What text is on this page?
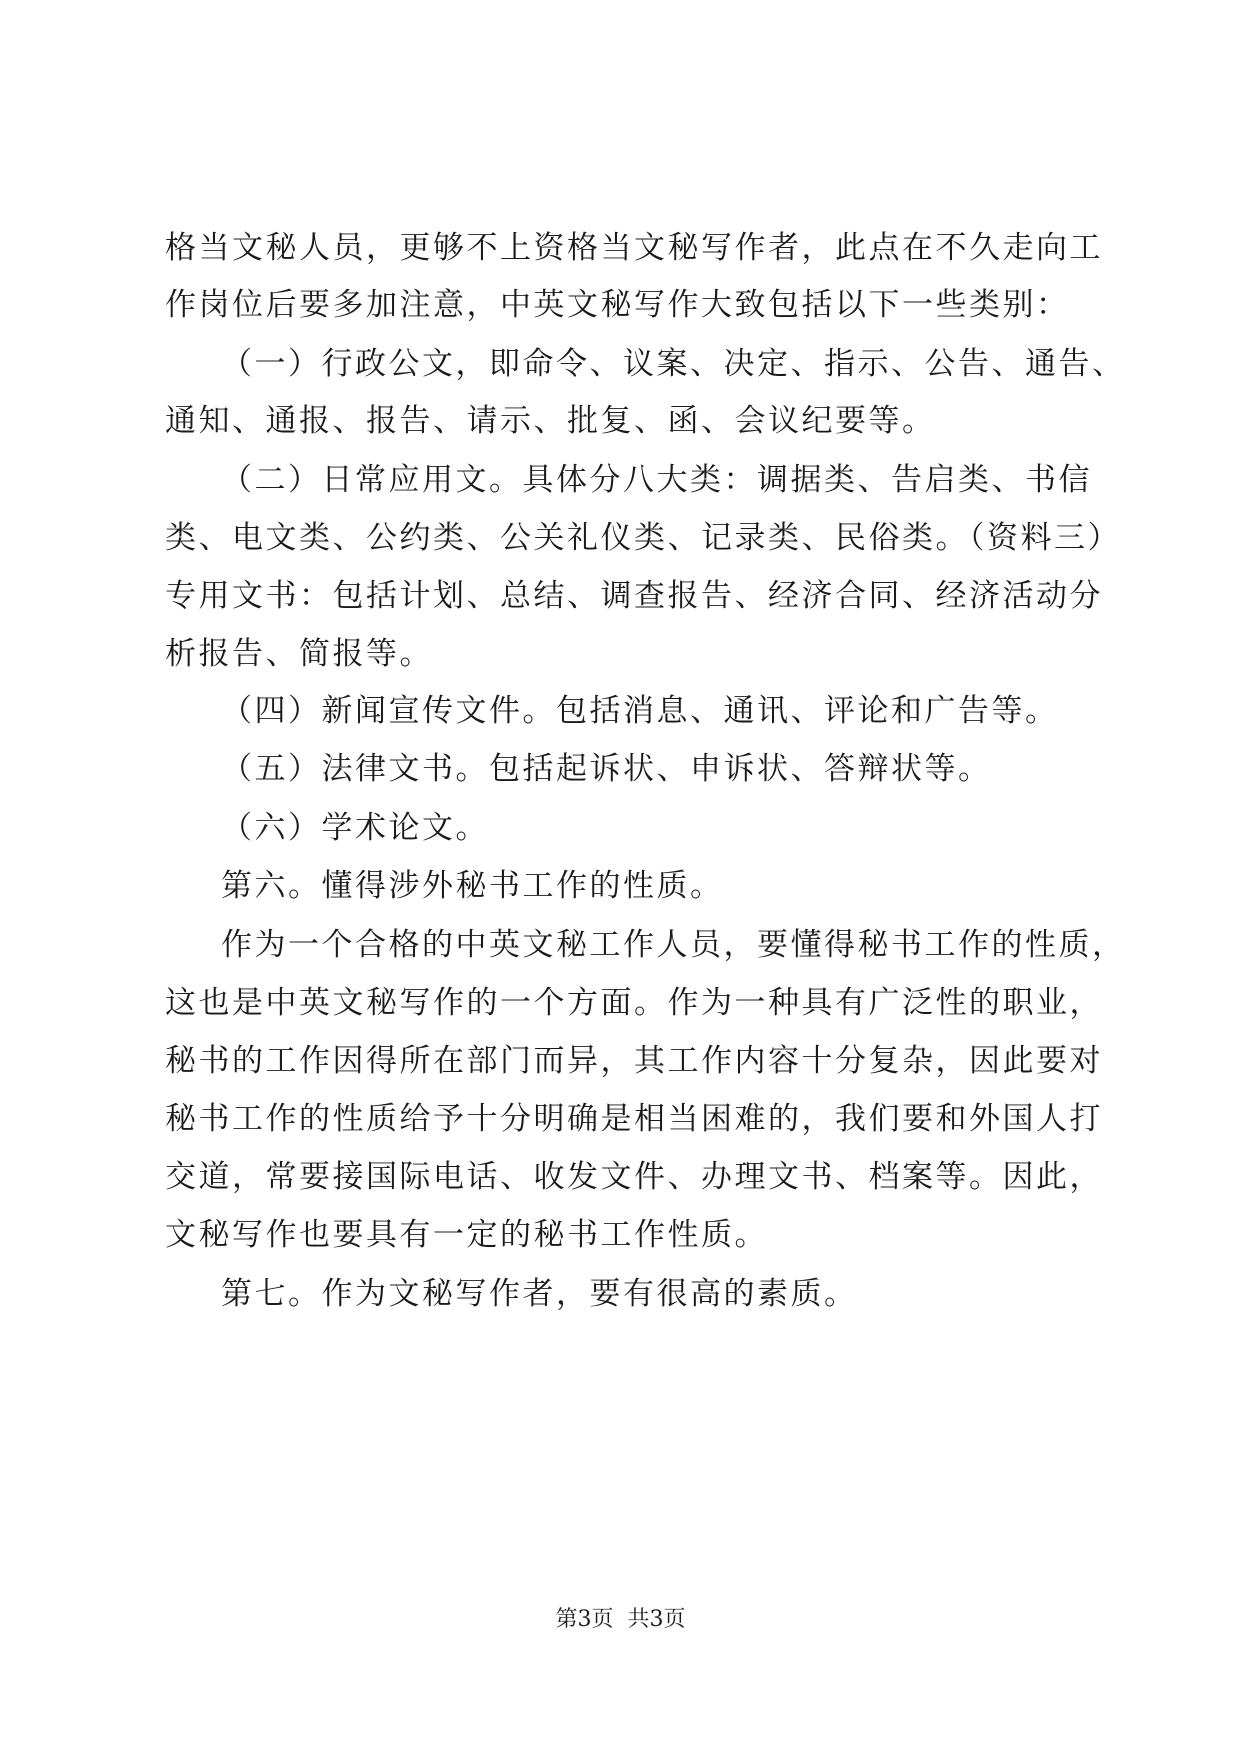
格当文秘人员，更够不上资格当文秘写作者，此点在不久走向工
作岗位后要多加注意，中英文秘写作大致包括以下一些类别：
（一）行政公文，即命令、议案、决定、指示、公告、通告、
通知、通报、报告、请示、批复、函、会议纪要等。
（二）日常应用文。具体分八大类：调据类、告启类、书信
类、电文类、公约类、公关礼仪类、记录类、民俗类。（资料三）
专用文书：包括计划、总结、调查报告、经济合同、经济活动分
析报告、简报等。
（四）新闻宣传文件。包括消息、通讯、评论和广告等。
（五）法律文书。包括起诉状、申诉状、答辩状等。
（六）学术论文。
第六。懂得涉外秘书工作的性质。
作为一个合格的中英文秘工作人员，要懂得秘书工作的性质，
这也是中英文秘写作的一个方面。作为一种具有广泛性的职业，
秘书的工作因得所在部门而异，其工作内容十分复杂，因此要对
秘书工作的性质给予十分明确是相当困难的，我们要和外国人打
交道，常要接国际电话、收发文件、办理文书、档案等。因此，
文秘写作也要具有一定的秘书工作性质。
第七。作为文秘写作者，要有很高的素质。
第3页  共3页
